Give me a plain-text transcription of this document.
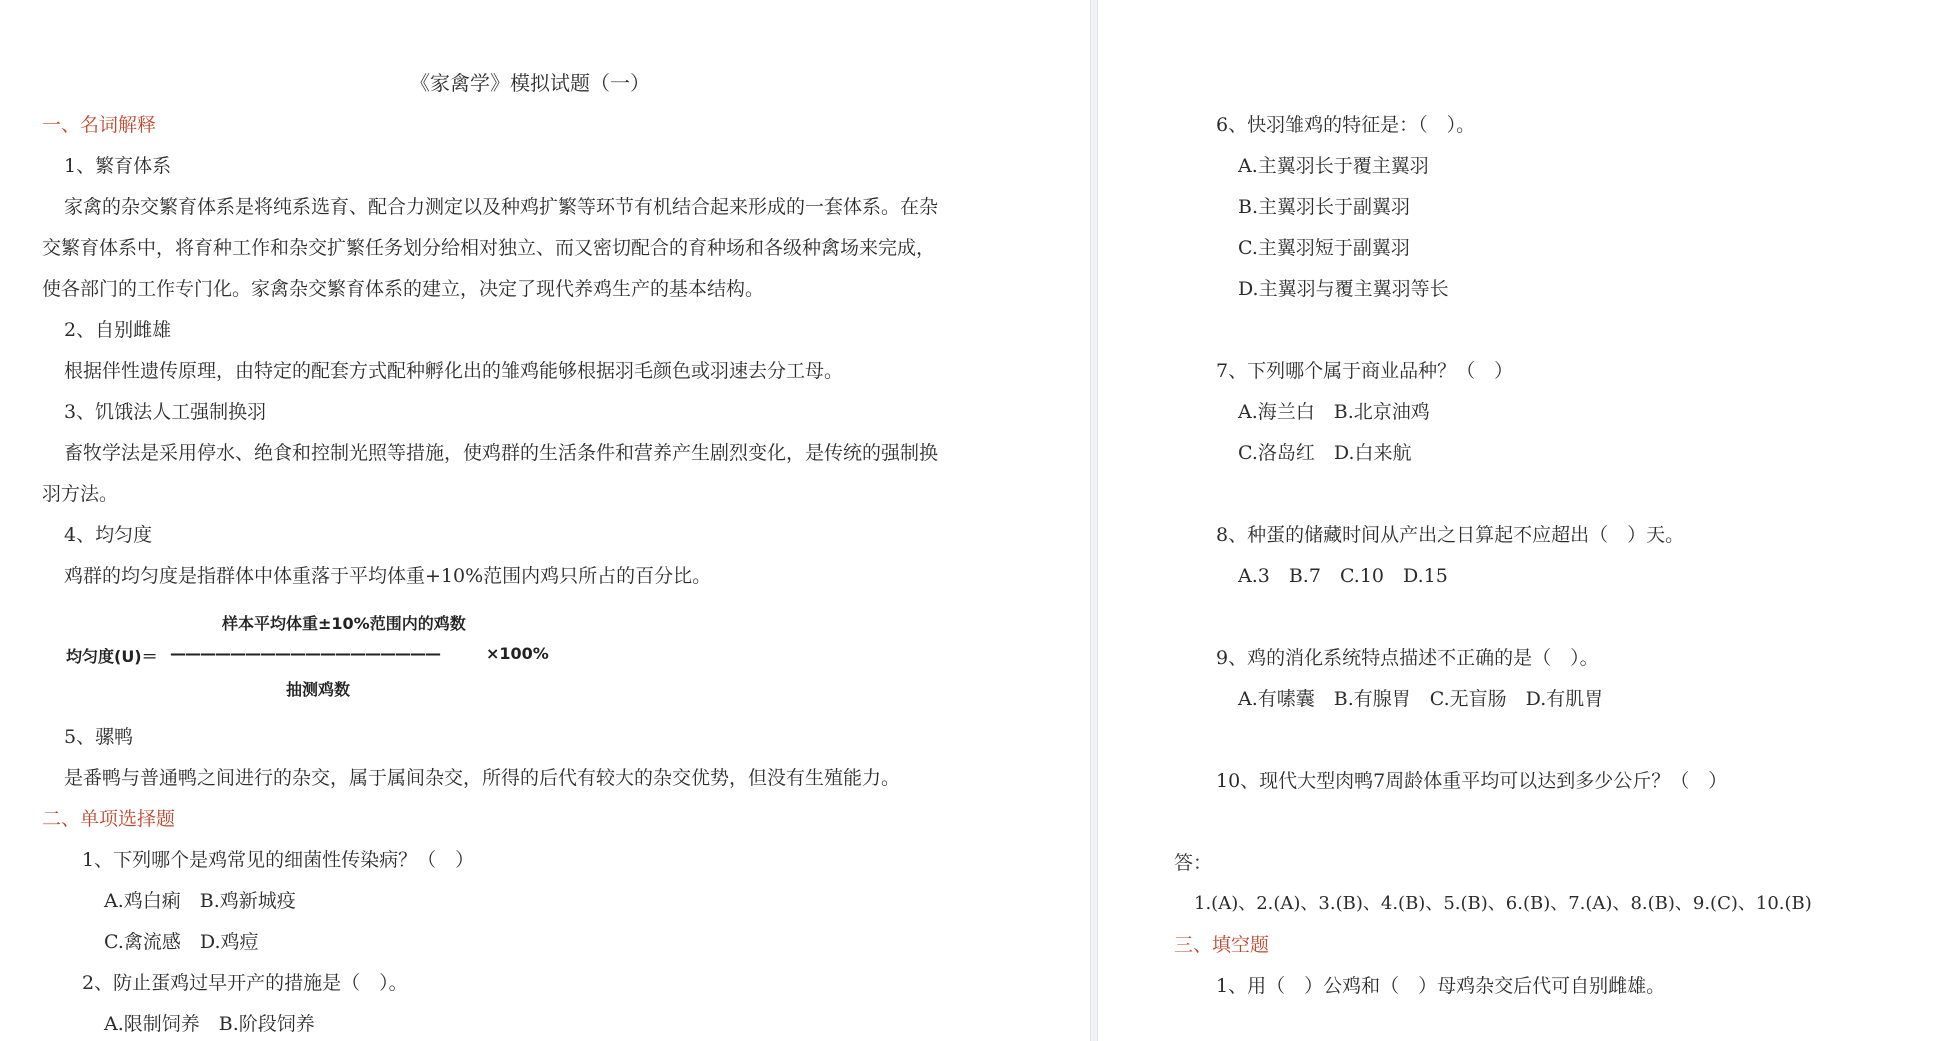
《家禽学》模拟试题（一）
一、名词解释
1、繁育体系
家禽的杂交繁育体系是将纯系选育、配合力测定以及种鸡扩繁等环节有机结合起来形成的一套体系。在杂
交繁育体系中，将育种工作和杂交扩繁任务划分给相对独立、而又密切配合的育种场和各级种禽场来完成，
使各部门的工作专门化。家禽杂交繁育体系的建立，决定了现代养鸡生产的基本结构。
2、自别雌雄
根据伴性遗传原理，由特定的配套方式配种孵化出的雏鸡能够根据羽毛颜色或羽速去分工母。
3、饥饿法人工强制换羽
畜牧学法是采用停水、绝食和控制光照等措施，使鸡群的生活条件和营养产生剧烈变化，是传统的强制换
羽方法。
4、均匀度
鸡群的均匀度是指群体中体重落于平均体重+10%范围内鸡只所占的百分比。
样本平均体重±10%范围内的鸡数
均匀度(U)＝ ——————————————————	×100%
抽测鸡数
5、骡鸭
是番鸭与普通鸭之间进行的杂交，属于属间杂交，所得的后代有较大的杂交优势，但没有生殖能力。
二、单项选择题
1、下列哪个是鸡常见的细菌性传染病？（　）
A.鸡白痢　B.鸡新城疫
C.禽流感　D.鸡痘
2、防止蛋鸡过早开产的措施是（　）。
A.限制饲养　B.阶段饲养
6、快羽雏鸡的特征是：（　）。
A.主翼羽长于覆主翼羽
B.主翼羽长于副翼羽
C.主翼羽短于副翼羽
D.主翼羽与覆主翼羽等长
7、下列哪个属于商业品种？（　）
A.海兰白　B.北京油鸡
C.洛岛红　D.白来航
8、种蛋的储藏时间从产出之日算起不应超出（　）天。
A.3　B.7　C.10　D.15
9、鸡的消化系统特点描述不正确的是（　）。
A.有嗉囊　B.有腺胃　C.无盲肠　D.有肌胃
10、现代大型肉鸭7周龄体重平均可以达到多少公斤？（　）
答：
1.(A)、2.(A)、3.(B)、4.(B)、5.(B)、6.(B)、7.(A)、8.(B)、9.(C)、10.(B)
三、填空题
1、用（　）公鸡和（　）母鸡杂交后代可自别雌雄。
